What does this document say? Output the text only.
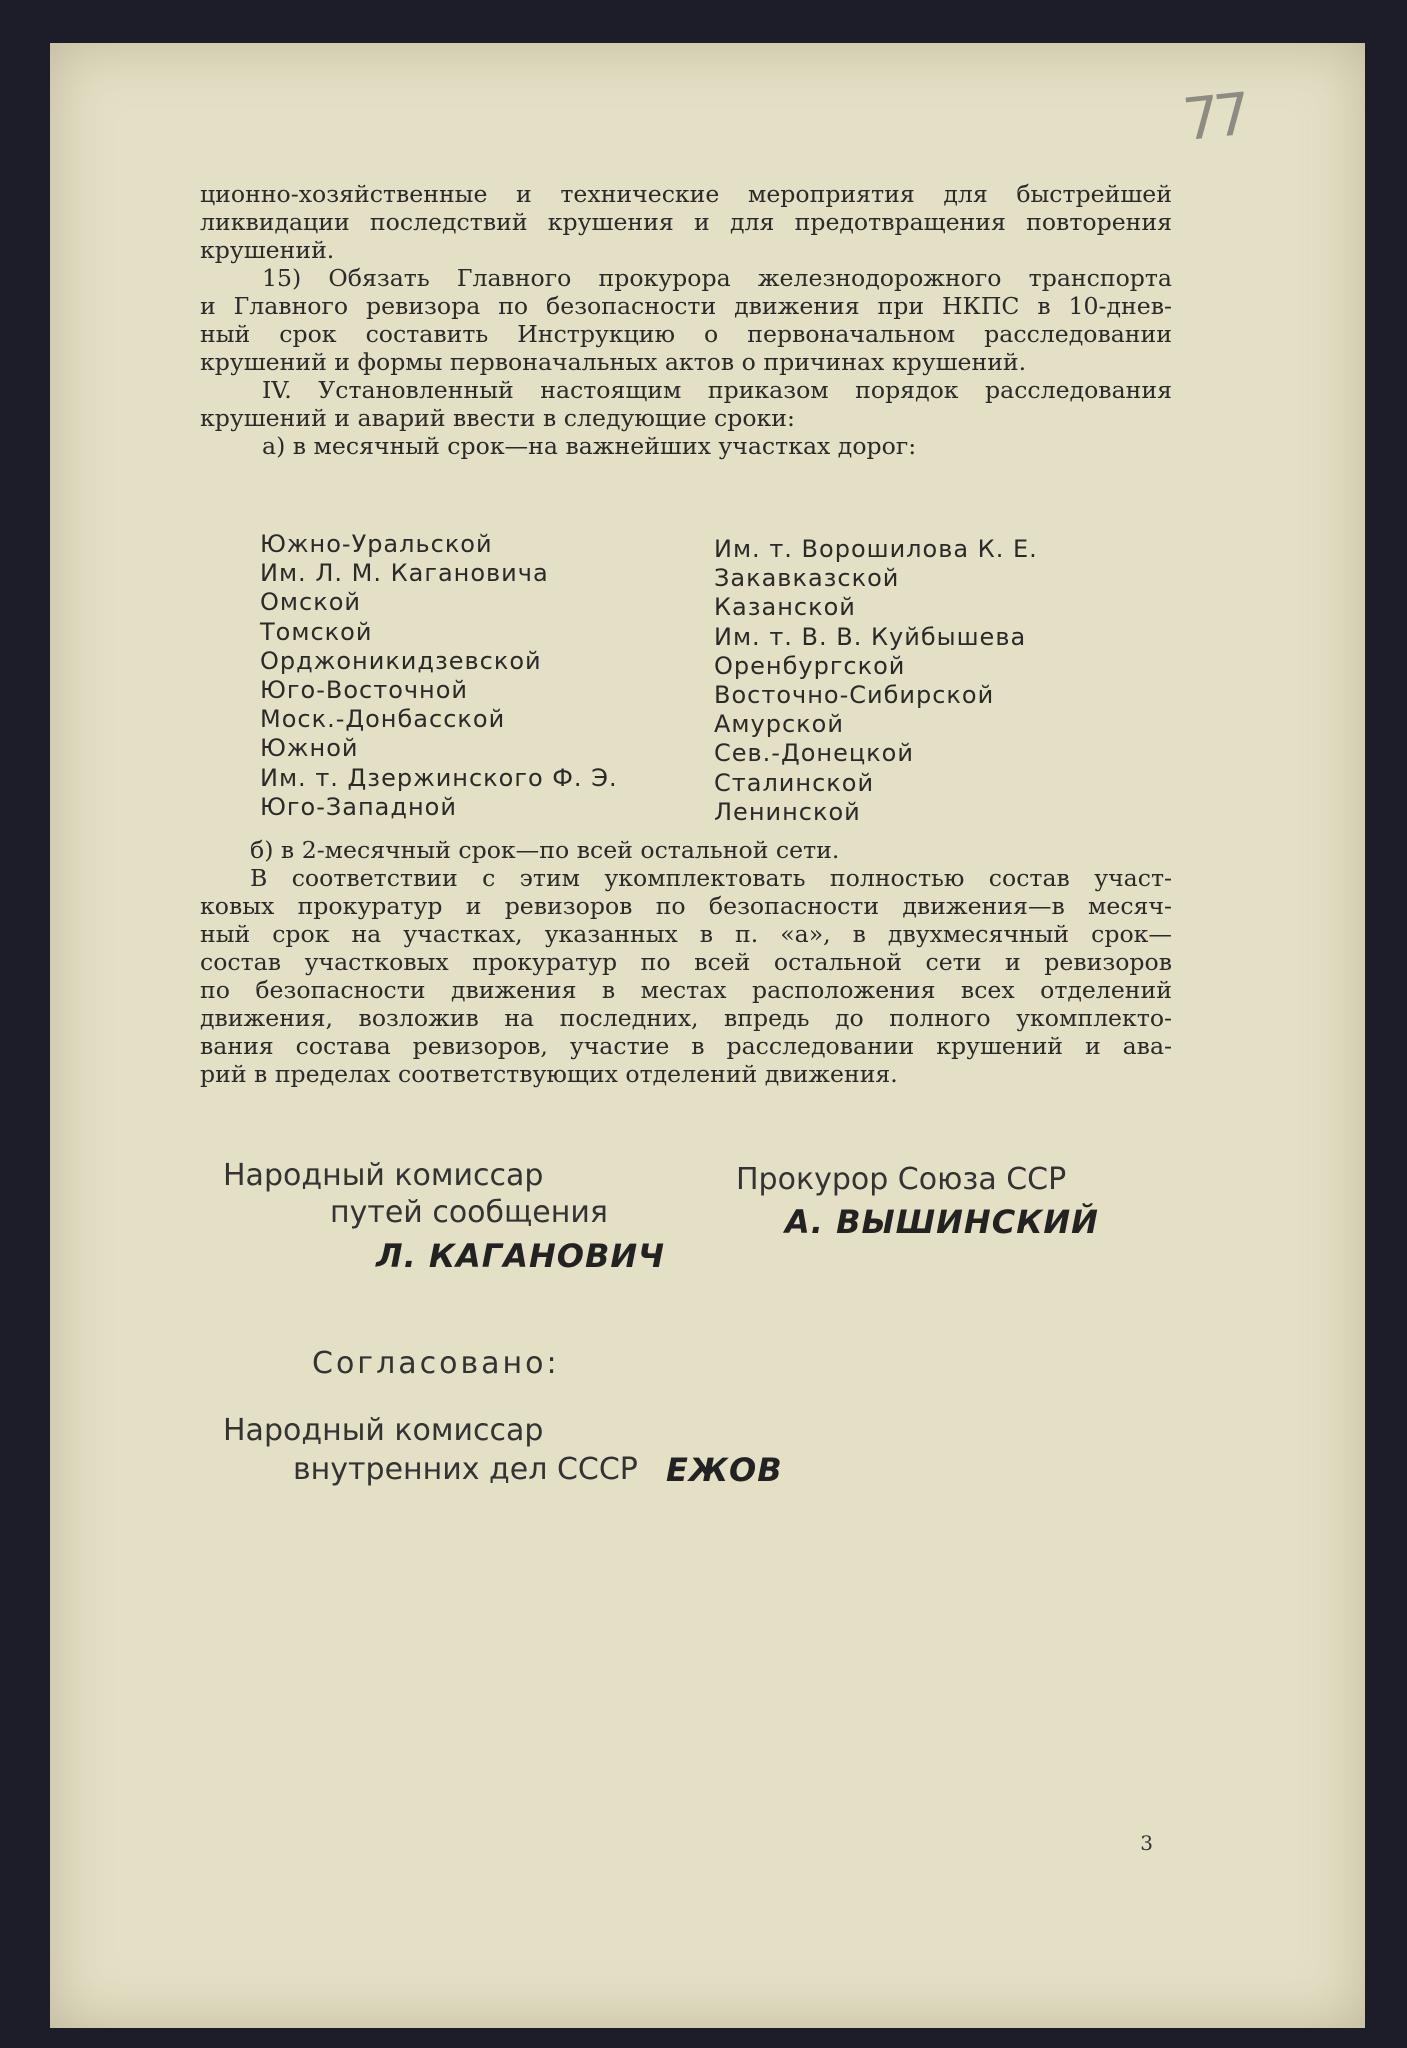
77

ционно-хозяйственные и технические мероприятия для быстрейшей
ликвидации последствий крушения и для предотвращения повторения
крушений.

15) Обязать Главного прокурора железнодорожного транспорта
и Главного ревизора по безопасности движения при НКПС в 10-днев-
ный срок составить Инструкцию о первоначальном расследовании
крушений и формы первоначальных актов о причинах крушений.

IV. Установленный настоящим приказом порядок расследования
крушений и аварий ввести в следующие сроки:

а) в месячный срок—на важнейших участках дорог:

Южно-Уральской
Им. Л. М. Кагановича
Омской
Томской
Орджоникидзевской
Юго-Восточной
Моск.-Донбасской
Южной
Им. т. Дзержинского Ф. Э.
Юго-Западной
Им. т. Ворошилова К. Е.
Закавказской
Казанской
Им. т. В. В. Куйбышева
Оренбургской
Восточно-Сибирской
Амурской
Сев.-Донецкой
Сталинской
Ленинской

б) в 2-месячный срок—по всей остальной сети.

В соответствии с этим укомплектовать полностью состав участ-
ковых прокуратур и ревизоров по безопасности движения—в месяч-
ный срок на участках, указанных в п. «а», в двухмесячный срок—
состав участковых прокуратур по всей остальной сети и ревизоров
по безопасности движения в местах расположения всех отделений
движения, возложив на последних, впредь до полного укомплекто-
вания состава ревизоров, участие в расследовании крушений и ава-
рий в пределах соответствующих отделений движения.

Народный комиссар
путей сообщения
Л. КАГАНОВИЧ
Прокурор Союза ССР
А. ВЫШИНСКИЙ
Согласовано:
Народный комиссар
внутренних дел СССР ЕЖОВ
3
